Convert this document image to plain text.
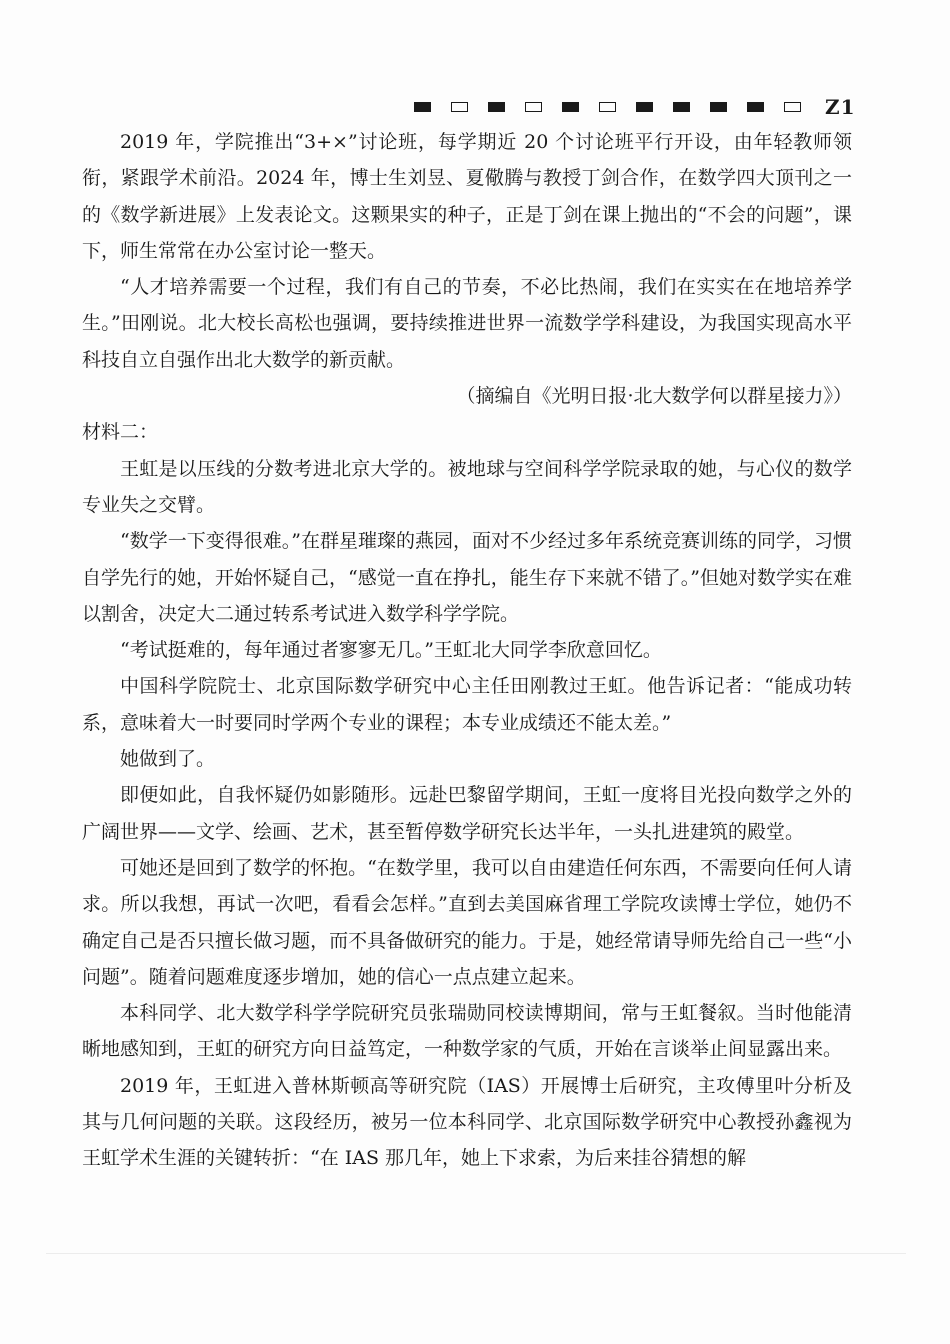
Z1

2019 年，学院推出“3+×”讨论班，每学期近 20 个讨论班平行开设，由年轻教师领衔，紧跟学术前沿。2024 年，博士生刘昱、夏儆腾与教授丁剑合作，在数学四大顶刊之一的《数学新进展》上发表论文。这颗果实的种子，正是丁剑在课上抛出的“不会的问题”，课下，师生常常在办公室讨论一整天。

“人才培养需要一个过程，我们有自己的节奏，不必比热闹，我们在实实在在地培养学生。”田刚说。北大校长高松也强调，要持续推进世界一流数学学科建设，为我国实现高水平科技自立自强作出北大数学的新贡献。

（摘编自《光明日报·北大数学何以群星接力》）

材料二：

王虹是以压线的分数考进北京大学的。被地球与空间科学学院录取的她，与心仪的数学专业失之交臂。

“数学一下变得很难。”在群星璀璨的燕园，面对不少经过多年系统竞赛训练的同学，习惯自学先行的她，开始怀疑自己，“感觉一直在挣扎，能生存下来就不错了。”但她对数学实在难以割舍，决定大二通过转系考试进入数学科学学院。

“考试挺难的，每年通过者寥寥无几。”王虹北大同学李欣意回忆。

中国科学院院士、北京国际数学研究中心主任田刚教过王虹。他告诉记者：“能成功转系，意味着大一时要同时学两个专业的课程；本专业成绩还不能太差。”

她做到了。

即便如此，自我怀疑仍如影随形。远赴巴黎留学期间，王虹一度将目光投向数学之外的广阔世界——文学、绘画、艺术，甚至暂停数学研究长达半年，一头扎进建筑的殿堂。

可她还是回到了数学的怀抱。“在数学里，我可以自由建造任何东西，不需要向任何人请求。所以我想，再试一次吧，看看会怎样。”直到去美国麻省理工学院攻读博士学位，她仍不确定自己是否只擅长做习题，而不具备做研究的能力。于是，她经常请导师先给自己一些“小问题”。随着问题难度逐步增加，她的信心一点点建立起来。

本科同学、北大数学科学学院研究员张瑞勋同校读博期间，常与王虹餐叙。当时他能清晰地感知到，王虹的研究方向日益笃定，一种数学家的气质，开始在言谈举止间显露出来。

2019 年，王虹进入普林斯顿高等研究院（IAS）开展博士后研究，主攻傅里叶分析及其与几何问题的关联。这段经历，被另一位本科同学、北京国际数学研究中心教授孙鑫视为王虹学术生涯的关键转折：“在 IAS 那几年，她上下求索，为后来挂谷猜想的解
